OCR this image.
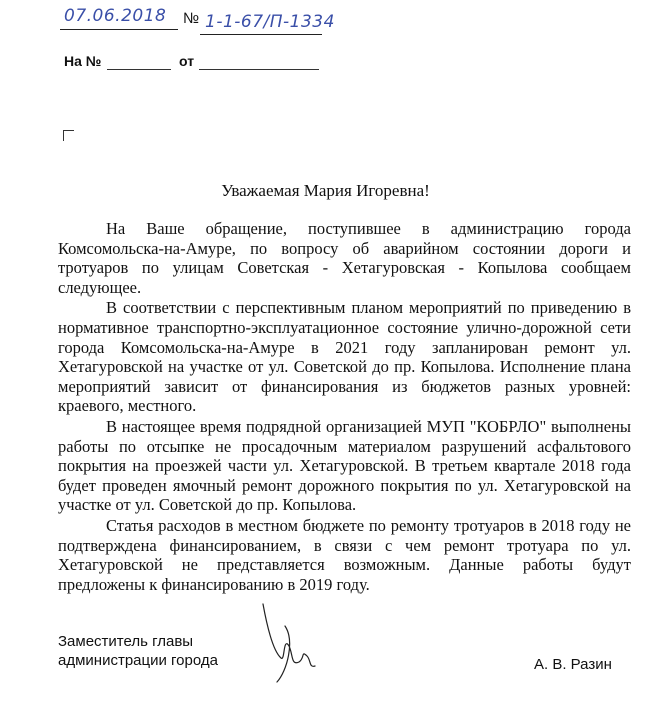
07.06.2018 № 1-1-67/П-1334
На №	от
Уважаемая Мария Игоревна!

На Ваше обращение, поступившее в администрацию города Комсомольска-на-Амуре, по вопросу об аварийном состоянии дороги и тротуаров по улицам Советская - Хетагуровская - Копылова сообщаем следующее.

В соответствии с перспективным планом мероприятий по приведению в нормативное транспортно-эксплуатационное состояние улично-дорожной сети города Комсомольска-на-Амуре в 2021 году запланирован ремонт ул. Хетагуровской на участке от ул. Советской до пр. Копылова. Исполнение плана мероприятий зависит от финансирования из бюджетов разных уровней: краевого, местного.

В настоящее время подрядной организацией МУП "КОБРЛО" выполнены работы по отсыпке не просадочным материалом разрушений асфальтового покрытия на проезжей части ул. Хетагуровской. В третьем квартале 2018 года будет проведен ямочный ремонт дорожного покрытия по ул. Хетагуровской на участке от ул. Советской до пр. Копылова.

Статья расходов в местном бюджете по ремонту тротуаров в 2018 году не подтверждена финансированием, в связи с чем ремонт тротуара по ул. Хетагуровской не представляется возможным. Данные работы будут предложены к финансированию в 2019 году.

Заместитель главы
администрации города	А. В. Разин
